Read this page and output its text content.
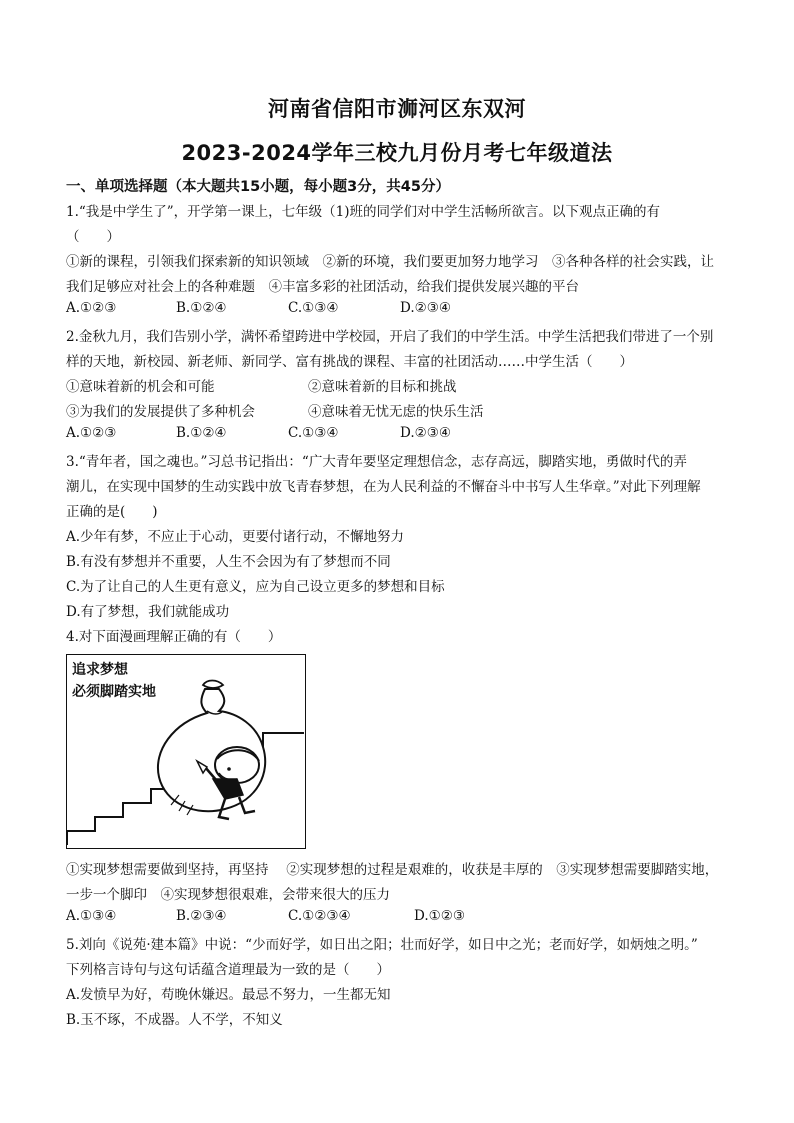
河南省信阳市浉河区东双河
2023-2024学年三校九月份月考七年级道法
一、单项选择题（本大题共15小题，每小题3分，共45分）
1.“我是中学生了”，开学第一课上，七年级（1)班的同学们对中学生活畅所欲言。以下观点正确的有
（　　）
①新的课程，引领我们探索新的知识领域　②新的环境，我们要更加努力地学习　③各种各样的社会实践，让
我们足够应对社会上的各种难题　④丰富多彩的社团活动，给我们提供发展兴趣的平台
A.①②③	B.①②④	C.①③④	D.②③④
2.金秋九月，我们告别小学，满怀希望跨进中学校园，开启了我们的中学生活。中学生活把我们带进了一个别
样的天地，新校园、新老师、新同学、富有挑战的课程、丰富的社团活动……中学生活（　　）
①意味着新的机会和可能	②意味着新的目标和挑战
③为我们的发展提供了多种机会	④意味着无忧无虑的快乐生活
A.①②③	B.①②④	C.①③④	D.②③④
3.“青年者，国之魂也。”习总书记指出：“广大青年要坚定理想信念，志存高远，脚踏实地，勇做时代的弄
潮儿，在实现中国梦的生动实践中放飞青春梦想，在为人民利益的不懈奋斗中书写人生华章。”对此下列理解
正确的是(　　)
A.少年有梦，不应止于心动，更要付诸行动，不懈地努力
B.有没有梦想并不重要，人生不会因为有了梦想而不同
C.为了让自己的人生更有意义，应为自己设立更多的梦想和目标
D.有了梦想，我们就能成功
4.对下面漫画理解正确的有（　　）
追求梦想
必须脚踏实地
①实现梦想需要做到坚持，再坚持　 ②实现梦想的过程是艰难的，收获是丰厚的　③实现梦想需要脚踏实地，
一步一个脚印　④实现梦想很艰难，会带来很大的压力
A.①③④	B.②③④	C.①②③④	D.①②③
5.刘向《说苑·建本篇》中说：“少而好学，如日出之阳；壮而好学，如日中之光；老而好学，如炳烛之明。”
下列格言诗句与这句话蕴含道理最为一致的是（　　）
A.发愤早为好，苟晚休嫌迟。最忌不努力，一生都无知
B.玉不琢，不成器。人不学，不知义
